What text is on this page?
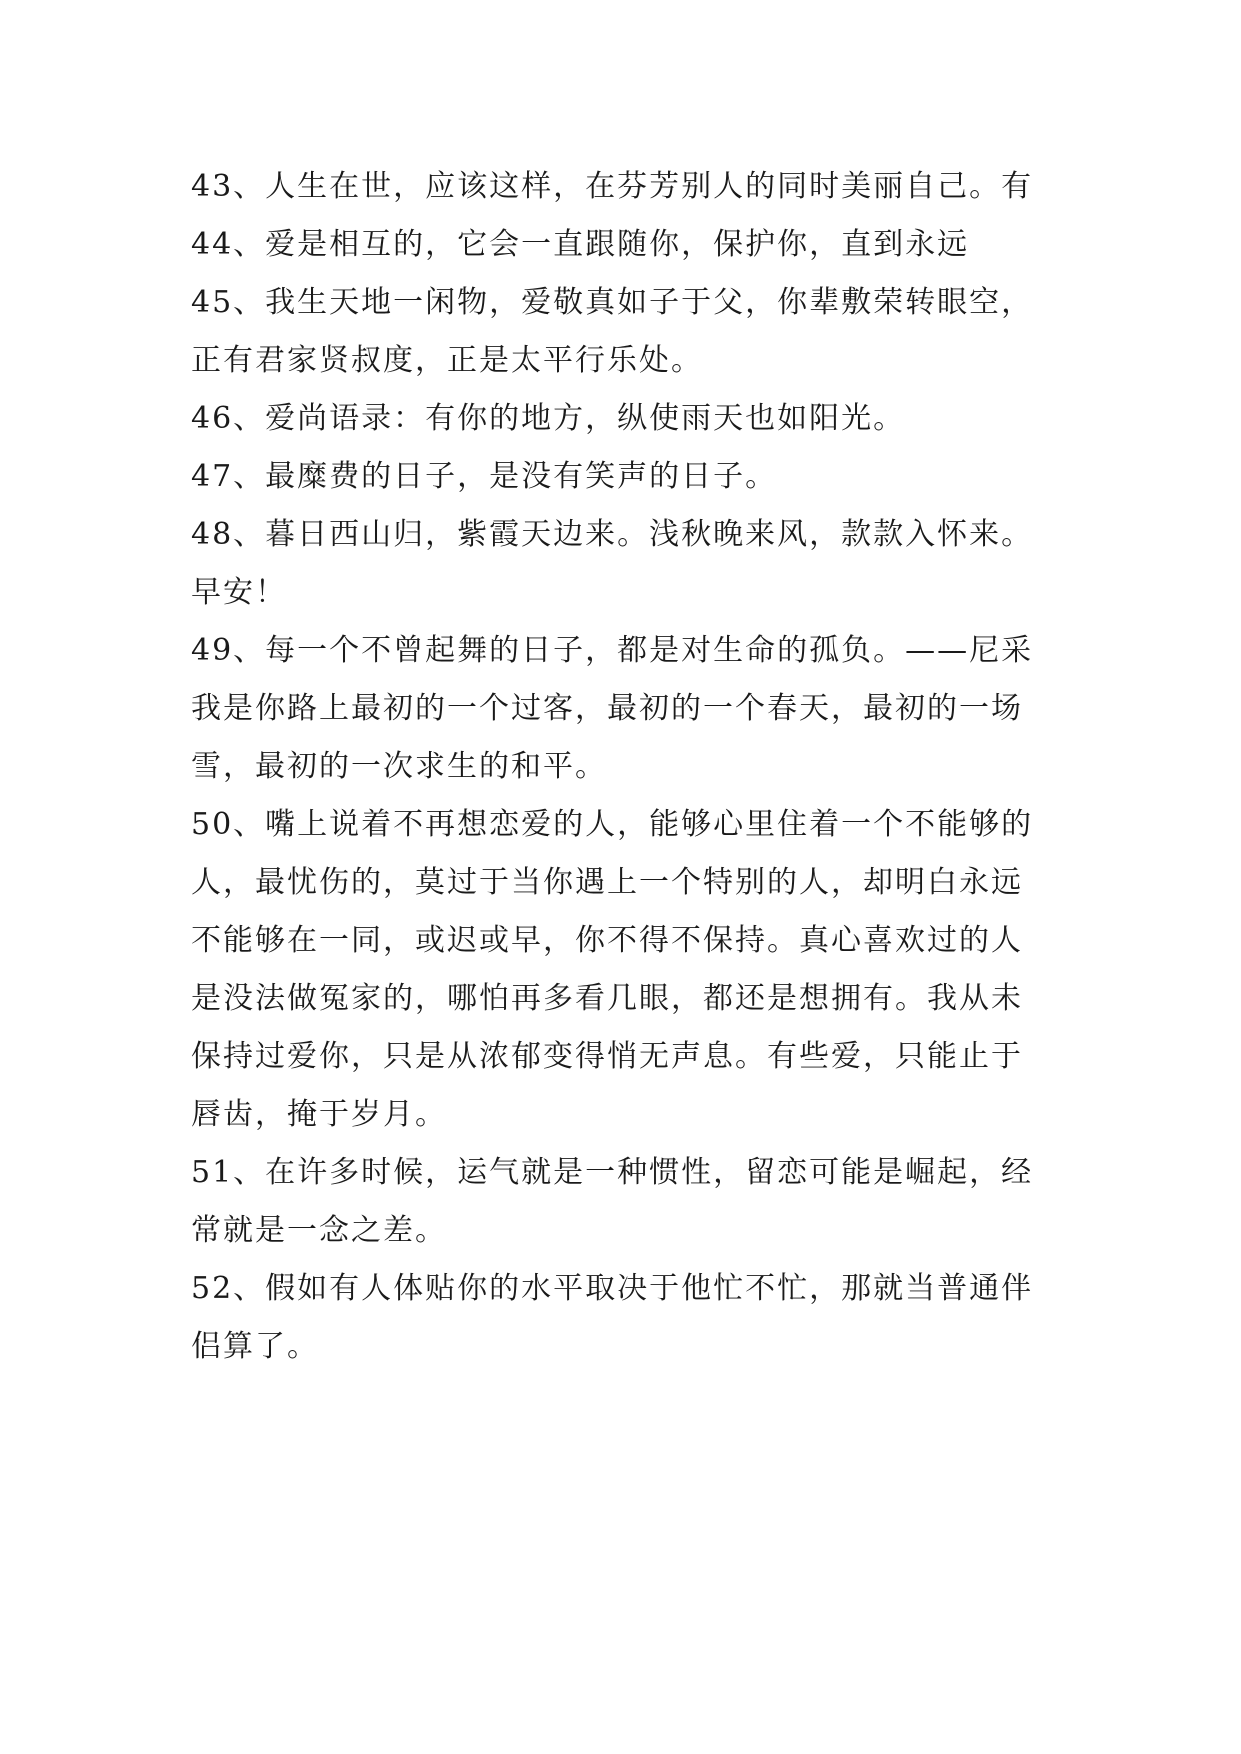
43、人生在世，应该这样，在芬芳别人的同时美丽自己。有
44、爱是相互的，它会一直跟随你，保护你，直到永远
45、我生天地一闲物，爱敬真如子于父，你辈敷荣转眼空，
正有君家贤叔度，正是太平行乐处。
46、爱尚语录：有你的地方，纵使雨天也如阳光。
47、最糜费的日子，是没有笑声的日子。
48、暮日西山归，紫霞天边来。浅秋晚来风，款款入怀来。
早安！
49、每一个不曾起舞的日子，都是对生命的孤负。——尼采
我是你路上最初的一个过客，最初的一个春天，最初的一场
雪，最初的一次求生的和平。
50、嘴上说着不再想恋爱的人，能够心里住着一个不能够的
人，最忧伤的，莫过于当你遇上一个特别的人，却明白永远
不能够在一同，或迟或早，你不得不保持。真心喜欢过的人
是没法做冤家的，哪怕再多看几眼，都还是想拥有。我从未
保持过爱你，只是从浓郁变得悄无声息。有些爱，只能止于
唇齿，掩于岁月。
51、在许多时候，运气就是一种惯性，留恋可能是崛起，经
常就是一念之差。
52、假如有人体贴你的水平取决于他忙不忙，那就当普通伴
侣算了。
